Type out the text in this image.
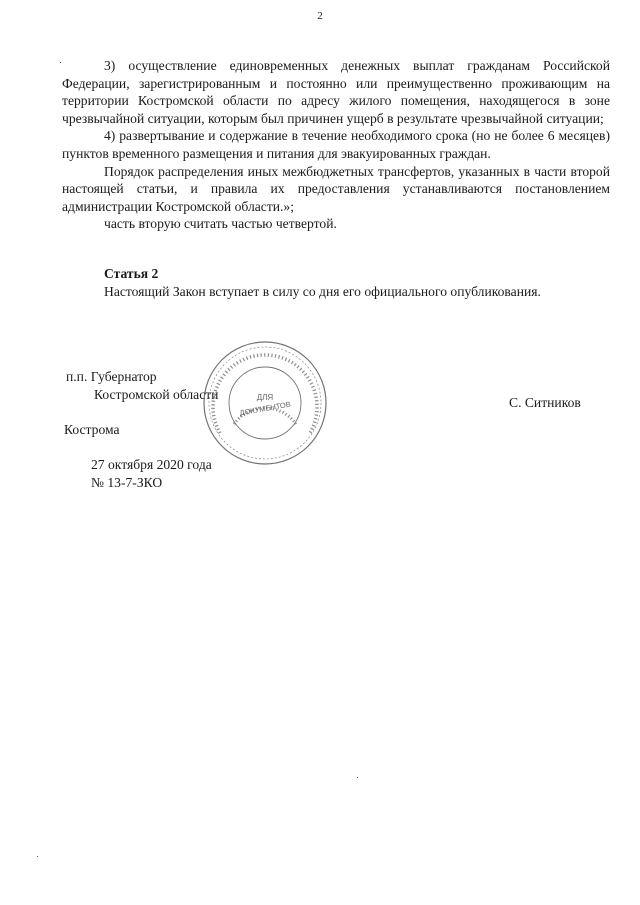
2

3) осуществление единовременных денежных выплат гражданам Российской Федерации, зарегистрированным и постоянно или преимущественно проживающим на территории Костромской области по адресу жилого помещения, находящегося в зоне чрезвычайной ситуации, которым был причинен ущерб в результате чрезвычайной ситуации;

4) развертывание и содержание в течение необходимого срока (но не более 6 месяцев) пунктов временного размещения и питания для эвакуированных граждан.

Порядок распределения иных межбюджетных трансфертов, указанных в части второй настоящей статьи, и правила их предоставления устанавливаются постановлением администрации Костромской области.»;

часть вторую считать частью четвертой.

Статья 2
Настоящий Закон вступает в силу со дня его официального опубликования.
п.п. Губернатор
Костромской области
С. Ситников
Кострома
27 октября 2020 года
№ 13-7-ЗКО
ДЛЯ
ДОКУМЕНТОВ
